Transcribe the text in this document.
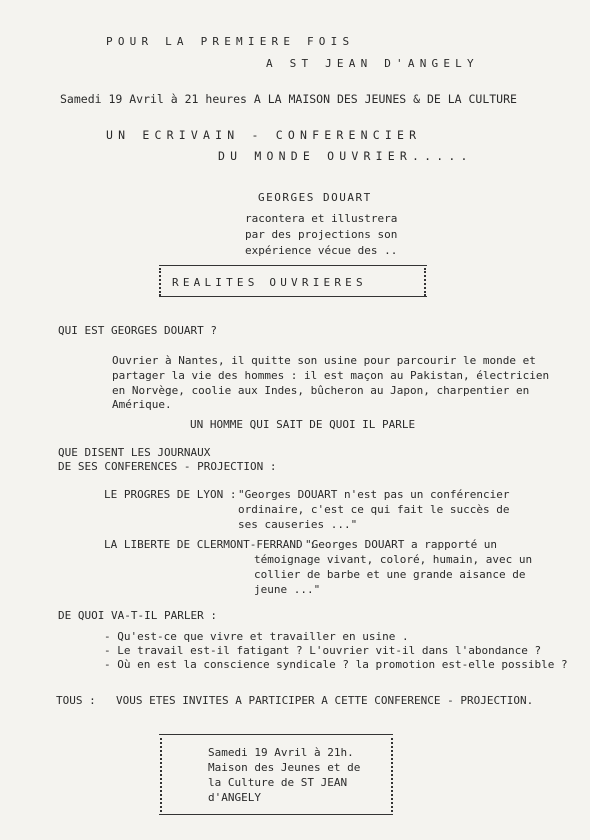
POUR LA PREMIERE FOIS
A ST JEAN D'ANGELY
Samedi 19 Avril à 21 heures A LA MAISON DES JEUNES & DE LA CULTURE
UN ECRIVAIN - CONFERENCIER
DU MONDE OUVRIER.....
GEORGES DOUART
racontera et illustrera
par des projections son
expérience vécue des ..
REALITES OUVRIERES
QUI EST GEORGES DOUART ?
Ouvrier à Nantes, il quitte son usine pour parcourir le monde et
partager la vie des hommes : il est maçon au Pakistan, électricien
en Norvège, coolie aux Indes, bûcheron au Japon, charpentier en
Amérique.
UN HOMME QUI SAIT DE QUOI IL PARLE
QUE DISENT LES JOURNAUX
DE SES CONFERENCES - PROJECTION :
LE PROGRES DE LYON : "Georges DOUART n'est pas un conférencier
ordinaire, c'est ce qui fait le succès de
ses causeries ..."
LA LIBERTE DE CLERMONT-FERRAND :
"Georges DOUART a rapporté un
témoignage vivant, coloré, humain, avec un
collier de barbe et une grande aisance de
jeune ..."
DE QUOI VA-T-IL PARLER :
- Qu'est-ce que vivre et travailler en usine .
- Le travail est-il fatigant ? L'ouvrier vit-il dans l'abondance ?
- Où en est la conscience syndicale ? la promotion est-elle possible ?
TOUS : VOUS ETES INVITES A PARTICIPER A CETTE CONFERENCE - PROJECTION.
Samedi 19 Avril à 21h.
Maison des Jeunes et de
la Culture de ST JEAN
d'ANGELY
